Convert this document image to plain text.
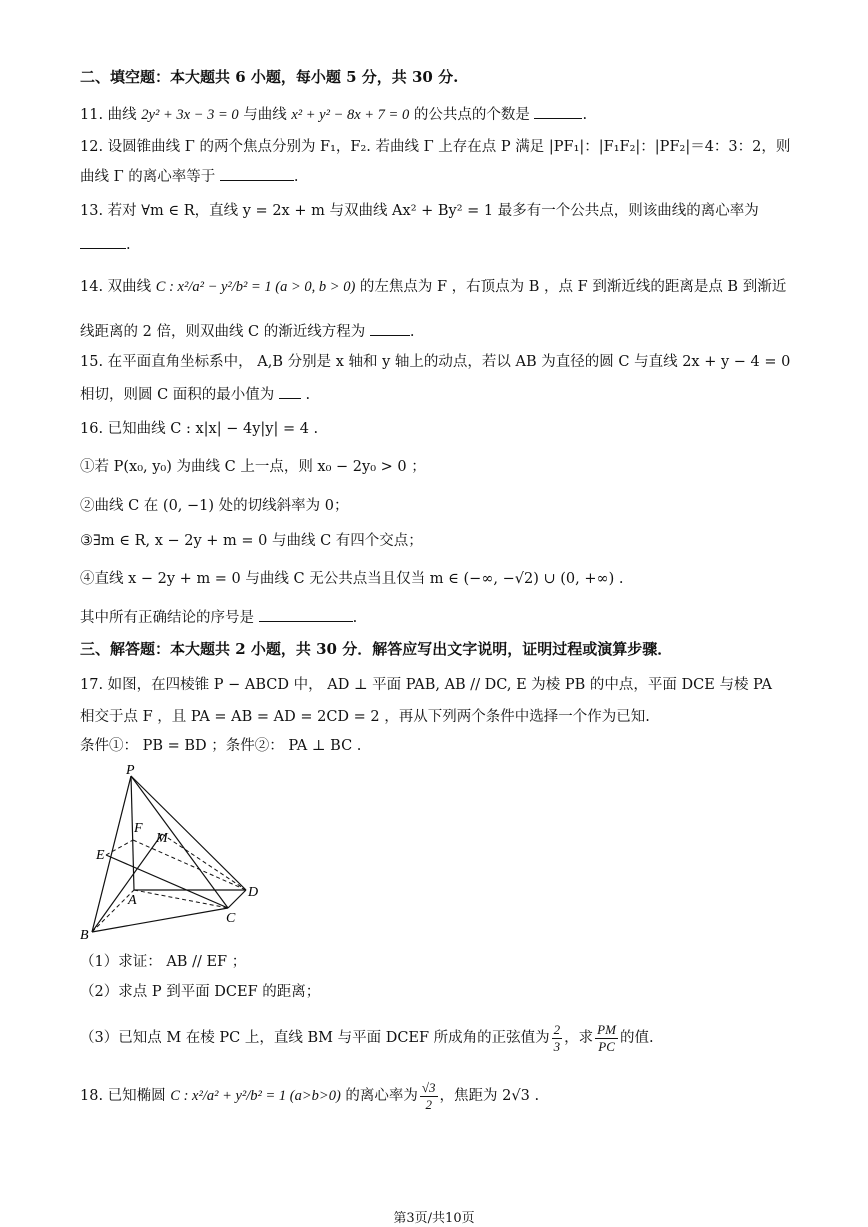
二、填空题：本大题共 6 小题，每小题 5 分，共 30 分.
11. 曲线 2y² + 3x − 3 = 0 与曲线 x² + y² − 8x + 7 = 0 的公共点的个数是	.
12. 设圆锥曲线 Γ 的两个焦点分别为 F₁，F₂. 若曲线 Γ 上存在点 P 满足 |PF₁|：|F₁F₂|：|PF₂|＝4：3：2，则
曲线 Γ 的离心率等于	.
13. 若对 ∀m ∈ R，直线 y = 2x + m 与双曲线 Ax² + By² = 1 最多有一个公共点，则该曲线的离心率为
.
14. 双曲线 C : x²/a² − y²/b² = 1 (a > 0, b > 0) 的左焦点为 F ，右顶点为 B ，点 F 到渐近线的距离是点 B 到渐近
线距离的 2 倍，则双曲线 C 的渐近线方程为	.
15. 在平面直角坐标系中， A,B 分别是 x 轴和 y 轴上的动点，若以 AB 为直径的圆 C 与直线 2x + y − 4 = 0
相切，则圆 C 面积的最小值为 .
16. 已知曲线 C : x|x| − 4y|y| = 4 .
①若 P(x₀, y₀) 为曲线 C 上一点，则 x₀ − 2y₀ > 0 ；
②曲线 C 在 (0, −1) 处的切线斜率为 0；
③∃m ∈ R, x − 2y + m = 0 与曲线 C 有四个交点；
④直线 x − 2y + m = 0 与曲线 C 无公共点当且仅当 m ∈ (−∞, −√2) ∪ (0, +∞) .
其中所有正确结论的序号是	.
三、解答题：本大题共 2 小题，共 30 分．解答应写出文字说明，证明过程或演算步骤．
17. 如图，在四棱锥 P − ABCD 中， AD ⊥ 平面 PAB, AB // DC, E 为棱 PB 的中点，平面 DCE 与棱 PA
相交于点 F ，且 PA = AB = AD = 2CD = 2 ，再从下列两个条件中选择一个作为已知.
条件①： PB = BD ；条件②： PA ⊥ BC .
P
F
M
E
A
D
C
B
（1）求证： AB // EF ；
（2）求点 P 到平面 DCEF 的距离；
（3）已知点 M 在棱 PC 上，直线 BM 与平面 DCEF 所成角的正弦值为 $\frac{2}{3}$ ，求 $\frac{PM}{PC}$ 的值.
18. 已知椭圆 C : x²/a² + y²/b² = 1 (a>b>0) 的离心率为 $\frac{√3}{2}$ ，焦距为 2√3 .
第3页/共10页
